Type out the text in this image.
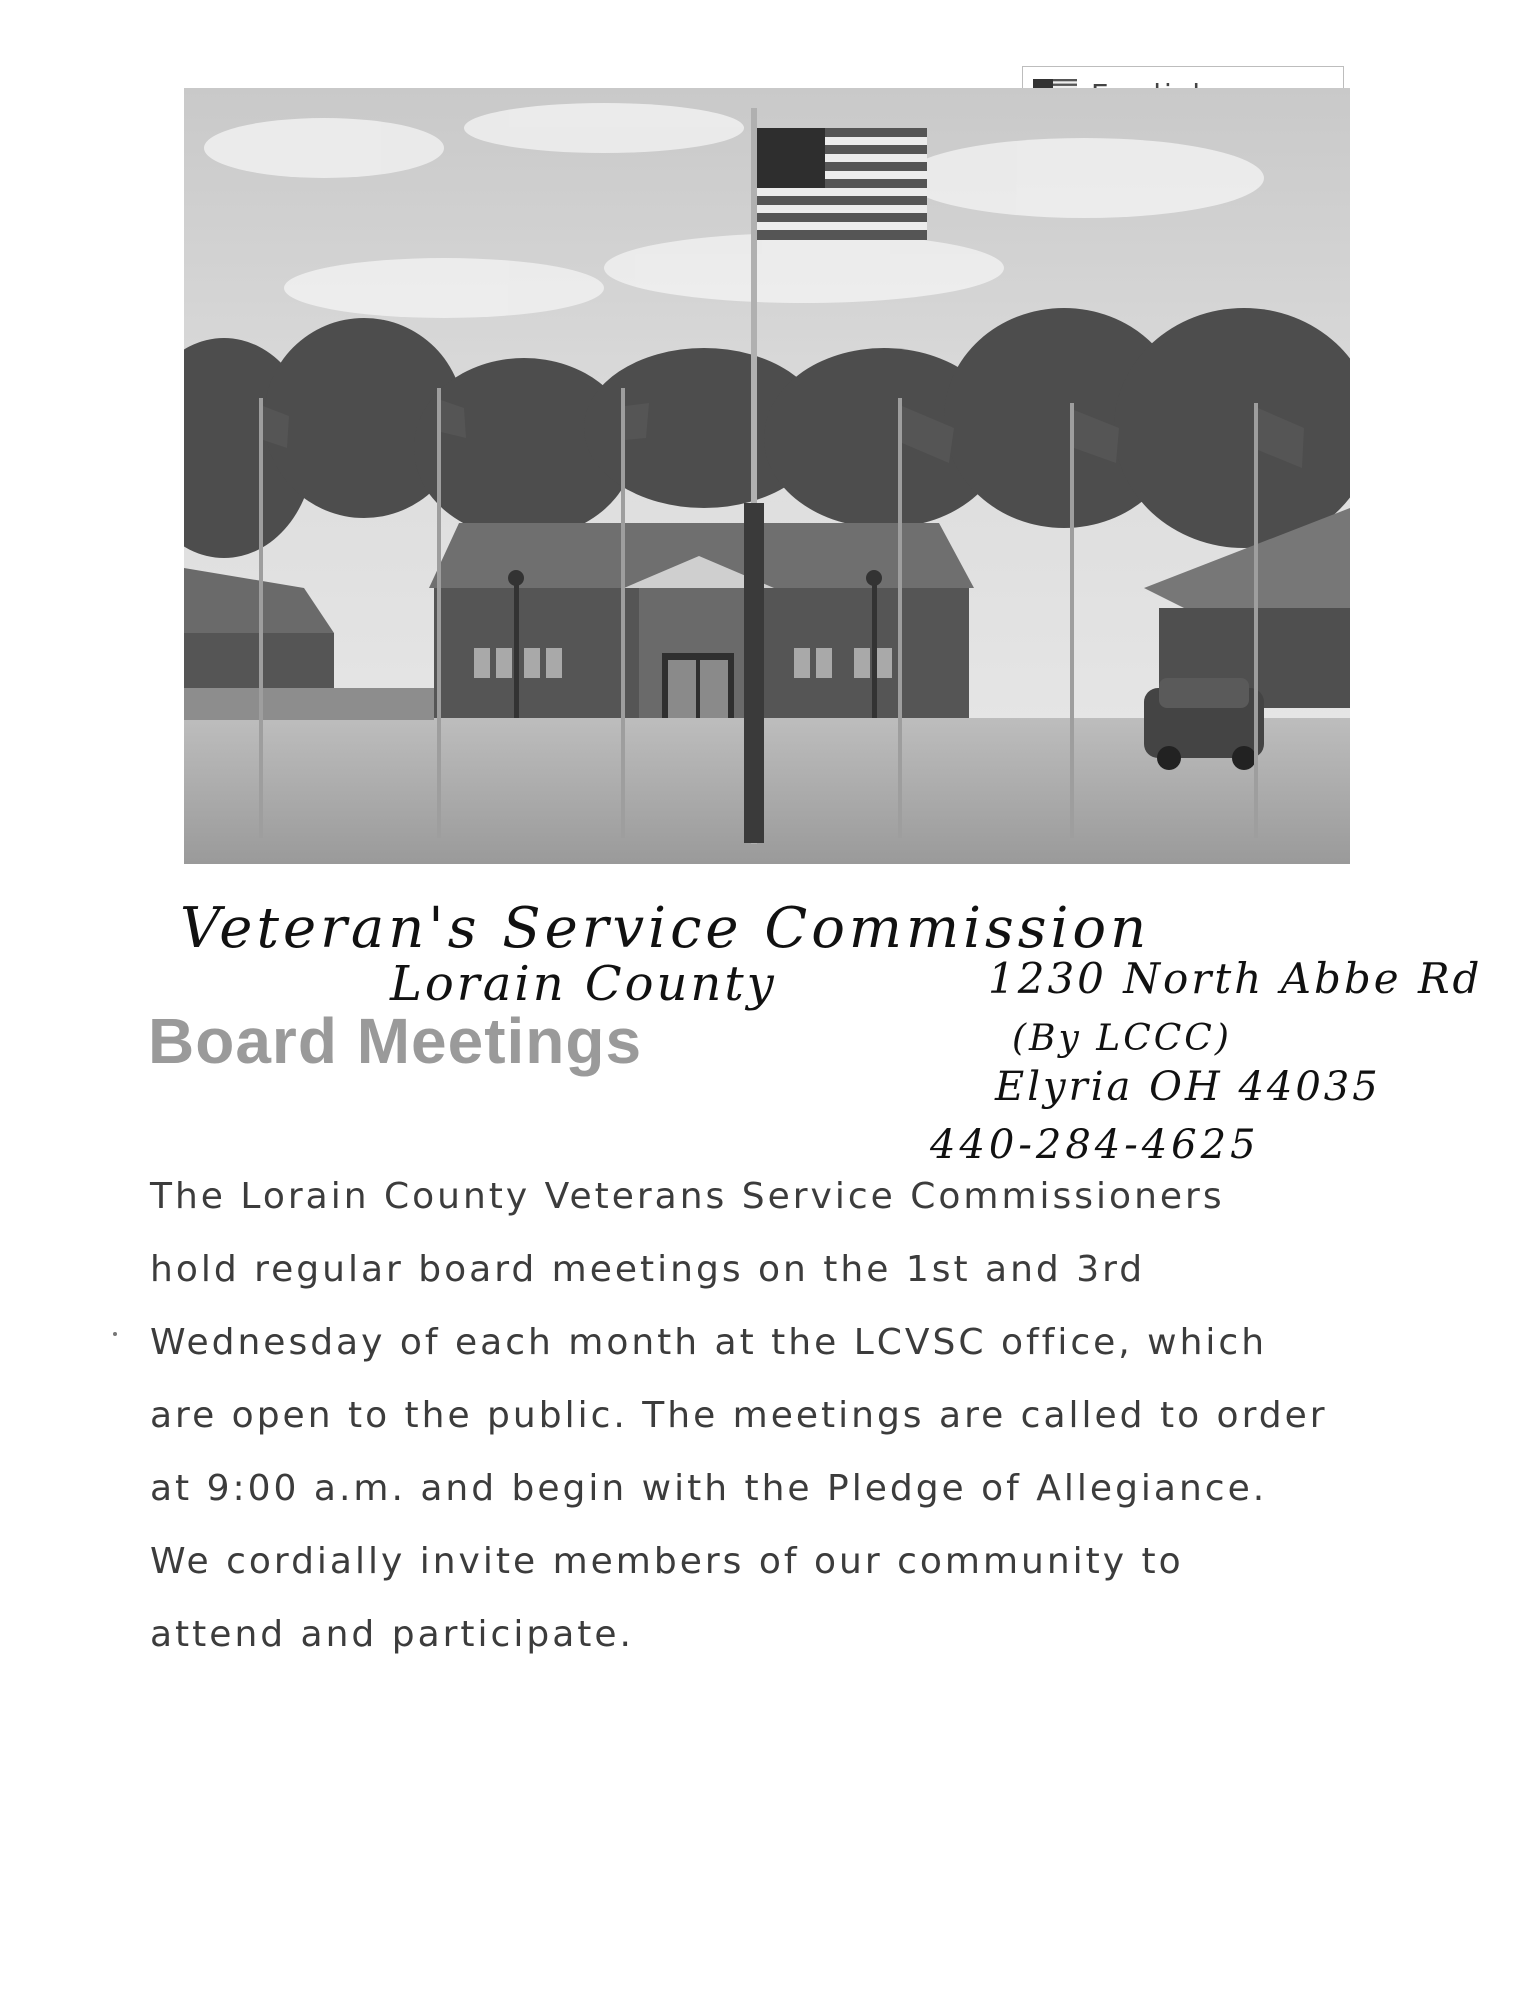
Veteran's Service Commission
Lorain County	1230 North Abbe Rd
(By LCCC)
Elyria OH 44035
440-284-4625
Board Meetings

The Lorain County Veterans Service Commissioners
hold regular board meetings on the 1st and 3rd
Wednesday of each month at the LCVSC office, which
are open to the public. The meetings are called to order
at 9:00 a.m. and begin with the Pledge of Allegiance.
We cordially invite members of our community to
attend and participate.
